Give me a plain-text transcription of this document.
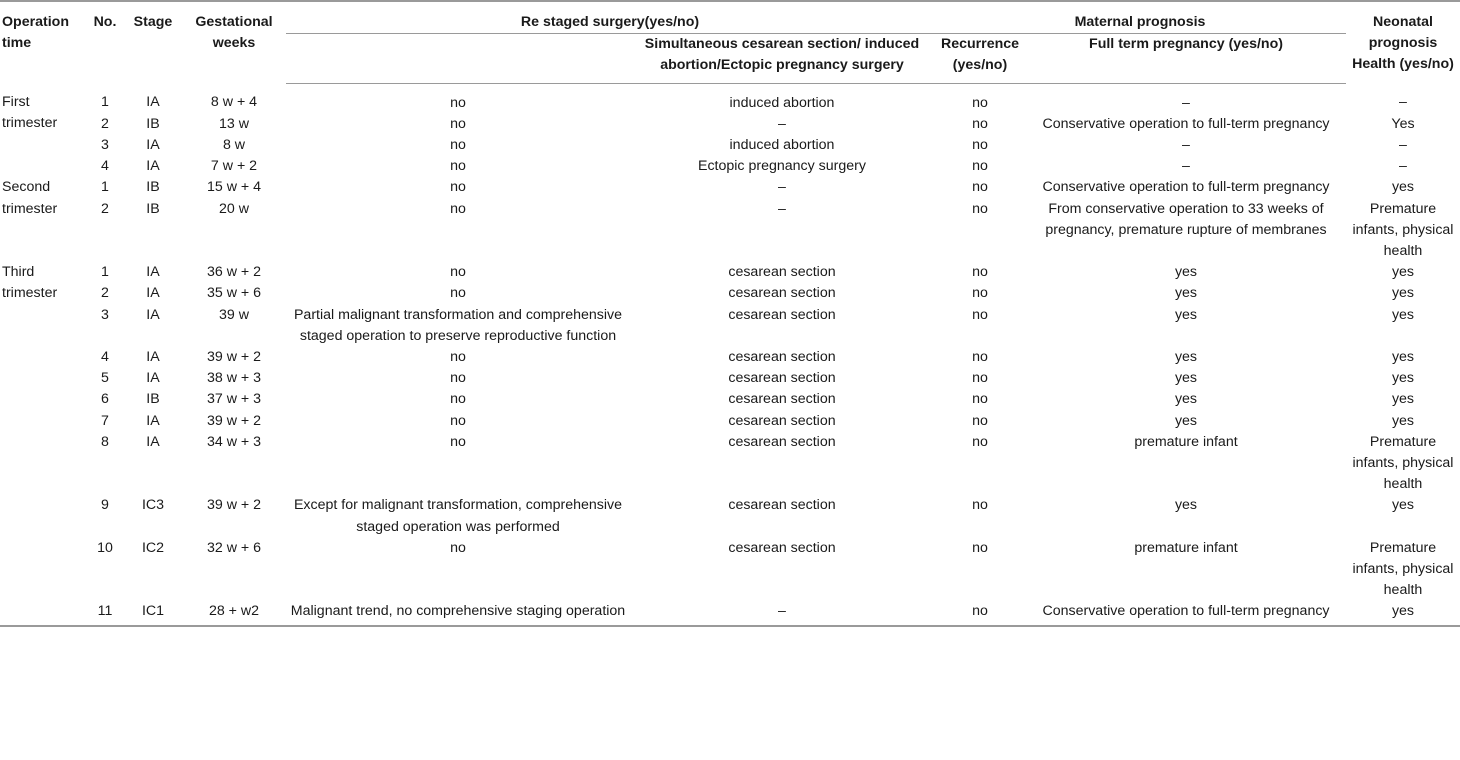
Operation time	No.	Stage	Gestational weeks	Re staged surgery(yes/no)		Maternal prognosis		Neonatal prognosis Health (yes/no)
					Simultaneous cesarean section/ induced abortion/Ectopic pregnancy surgery	Recurrence (yes/no)	Full term pregnancy (yes/no)	
First trimester	1	IA	8 w + 4	no	induced abortion	no	–	–
	2	IB	13 w	no	–	no	Conservative operation to full-term pregnancy	Yes
	3	IA	8 w	no	induced abortion	no	–	–
	4	IA	7 w + 2	no	Ectopic pregnancy surgery	no	–	–
Second trimester	1	IB	15 w + 4	no	–	no	Conservative operation to full-term pregnancy	yes
	2	IB	20 w	no	–	no	From conservative operation to 33 weeks of pregnancy, premature rupture of membranes	Premature infants, physical health
Third trimester	1	IA	36 w + 2	no	cesarean section	no	yes	yes
	2	IA	35 w + 6	no	cesarean section	no	yes	yes
	3	IA	39 w	Partial malignant transformation and comprehensive staged operation to preserve reproductive function	cesarean section	no	yes	yes
	4	IA	39 w + 2	no	cesarean section	no	yes	yes
	5	IA	38 w + 3	no	cesarean section	no	yes	yes
	6	IB	37 w + 3	no	cesarean section	no	yes	yes
	7	IA	39 w + 2	no	cesarean section	no	yes	yes
	8	IA	34 w + 3	no	cesarean section	no	premature infant	Premature infants, physical health
	9	IC3	39 w + 2	Except for malignant transformation, comprehensive staged operation was performed	cesarean section	no	yes	yes
	10	IC2	32 w + 6	no	cesarean section	no	premature infant	Premature infants, physical health
	11	IC1	28 + w2	Malignant trend, no comprehensive staging operation	–	no	Conservative operation to full-term pregnancy	yes
